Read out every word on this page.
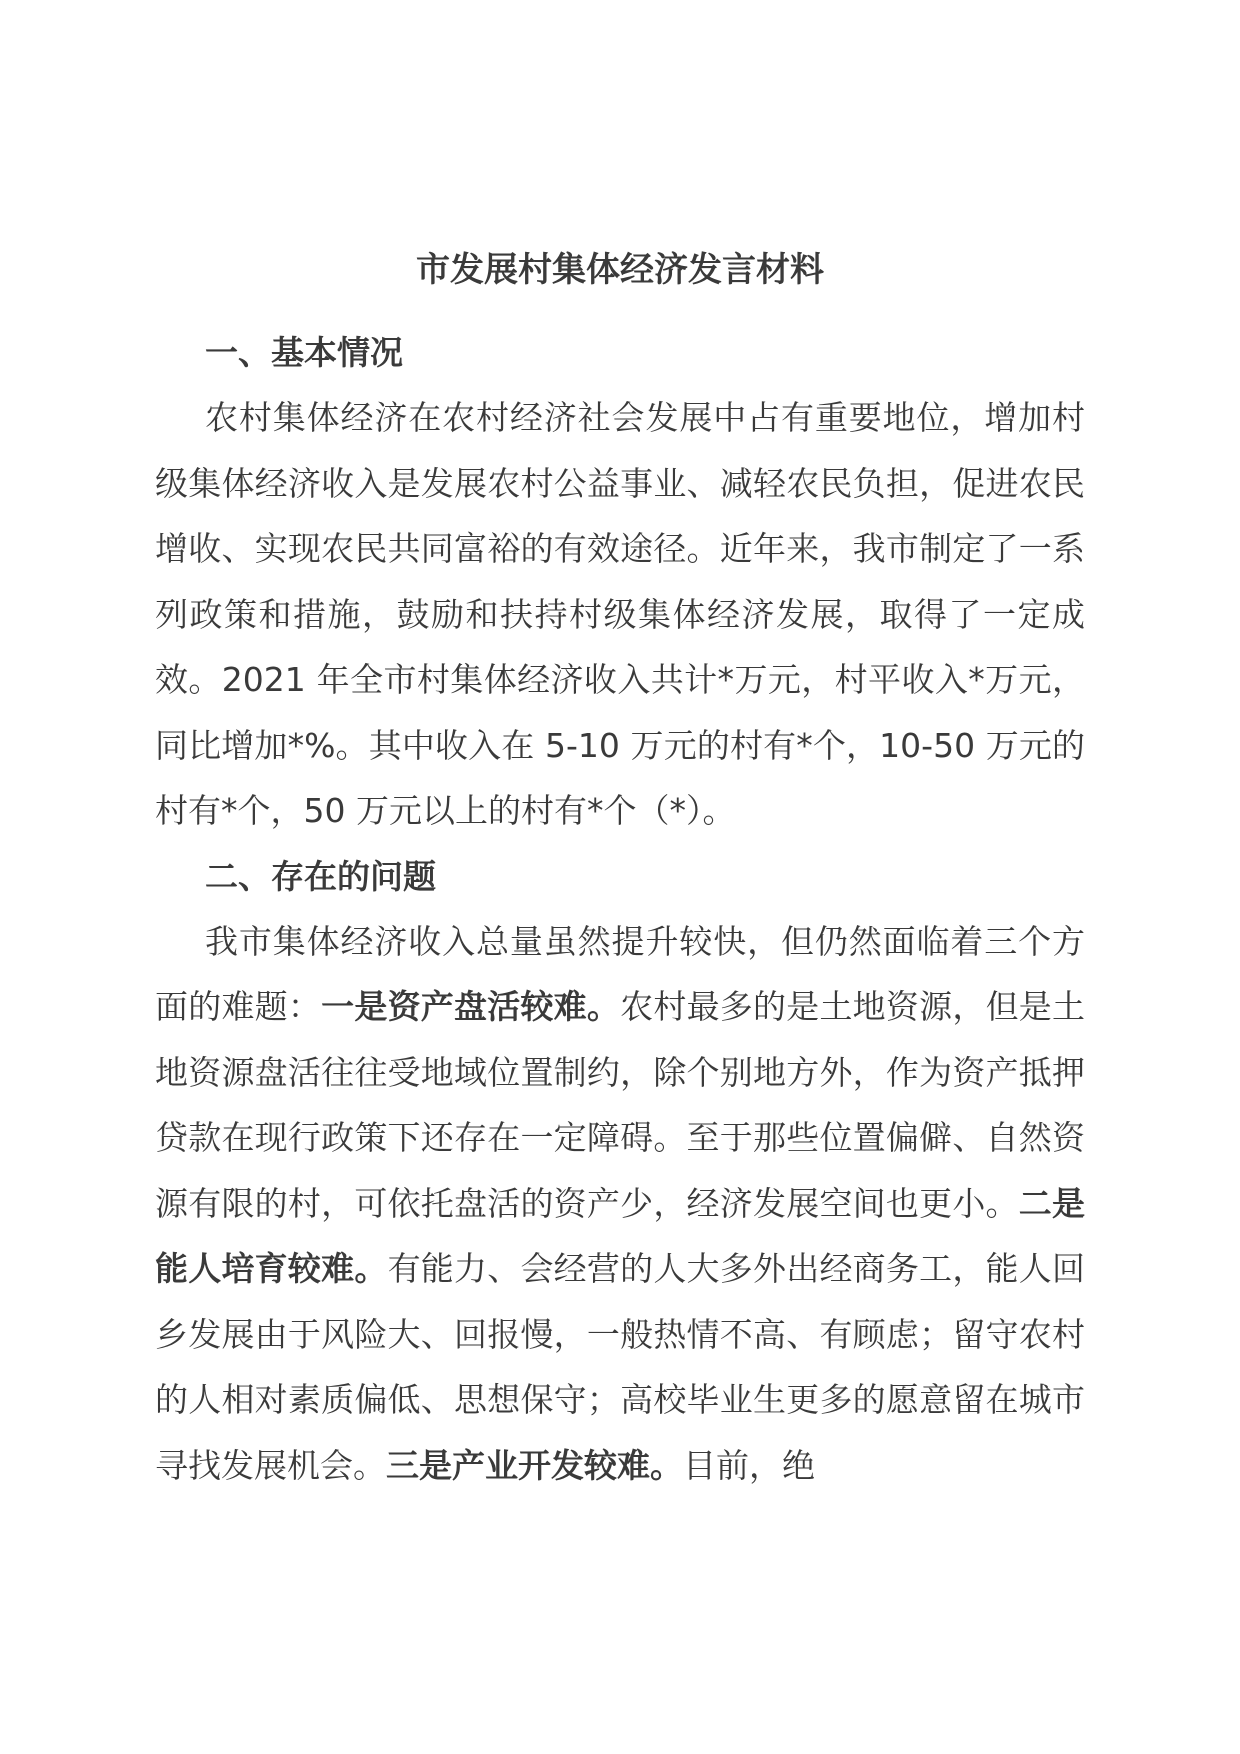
市发展村集体经济发言材料
一、基本情况

农村集体经济在农村经济社会发展中占有重要地位，增加村级集体经济收入是发展农村公益事业、减轻农民负担，促进农民增收、实现农民共同富裕的有效途径。近年来，我市制定了一系列政策和措施，鼓励和扶持村级集体经济发展，取得了一定成效。2021 年全市村集体经济收入共计*万元，村平收入*万元，同比增加*%。其中收入在 5-10 万元的村有*个，10-50 万元的村有*个，50 万元以上的村有*个（*）。

二、存在的问题

我市集体经济收入总量虽然提升较快，但仍然面临着三个方面的难题：一是资产盘活较难。农村最多的是土地资源，但是土地资源盘活往往受地域位置制约，除个别地方外，作为资产抵押贷款在现行政策下还存在一定障碍。至于那些位置偏僻、自然资源有限的村，可依托盘活的资产少，经济发展空间也更小。二是能人培育较难。有能力、会经营的人大多外出经商务工，能人回乡发展由于风险大、回报慢，一般热情不高、有顾虑；留守农村的人相对素质偏低、思想保守；高校毕业生更多的愿意留在城市寻找发展机会。三是产业开发较难。目前，绝
